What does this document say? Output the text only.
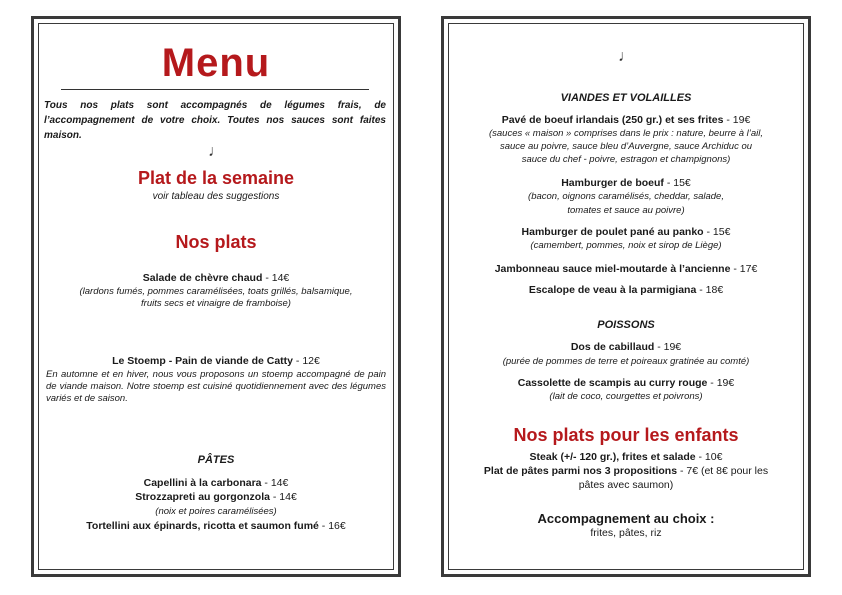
Menu
Tous nos plats sont accompagnés de légumes frais, de l’accompagnement de votre choix. Toutes nos sauces sont faites maison.
♩
Plat de la semaine
voir tableau des suggestions
Nos plats
Salade de chèvre chaud - 14€
(lardons fumés, pommes caramélisées, toats grillés, balsamique,
fruits secs et vinaigre de framboise)
Le Stoemp - Pain de viande de Catty - 12€
En automne et en hiver, nous vous proposons un stoemp accompagné de pain de viande maison. Notre stoemp est cuisiné quotidiennement avec des légumes variés et de saison.
PÂTES
Capellini à la carbonara - 14€
Strozzapreti au gorgonzola - 14€
(noix et poires caramélisées)
Tortellini aux épinards, ricotta et saumon fumé - 16€
♩
VIANDES ET VOLAILLES
Pavé de boeuf irlandais (250 gr.) et ses frites - 19€
(sauces « maison » comprises dans le prix : nature, beurre à l’ail,
sauce au poivre, sauce bleu d’Auvergne, sauce Archiduc ou
sauce du chef - poivre, estragon et champignons)
Hamburger de boeuf - 15€
(bacon, oignons caramélisés, cheddar, salade,
tomates et sauce au poivre)
Hamburger de poulet pané au panko - 15€
(camembert, pommes, noix et sirop de Liège)
Jambonneau sauce miel-moutarde à l’ancienne - 17€
Escalope de veau à la parmigiana - 18€
POISSONS
Dos de cabillaud - 19€
(purée de pommes de terre et poireaux gratinée au comté)
Cassolette de scampis au curry rouge - 19€
(lait de coco, courgettes et poivrons)
Nos plats pour les enfants
Steak (+/- 120 gr.), frites et salade - 10€
Plat de pâtes parmi nos 3 propositions - 7€ (et 8€ pour les
pâtes avec saumon)
Accompagnement au choix :
frites, pâtes, riz
